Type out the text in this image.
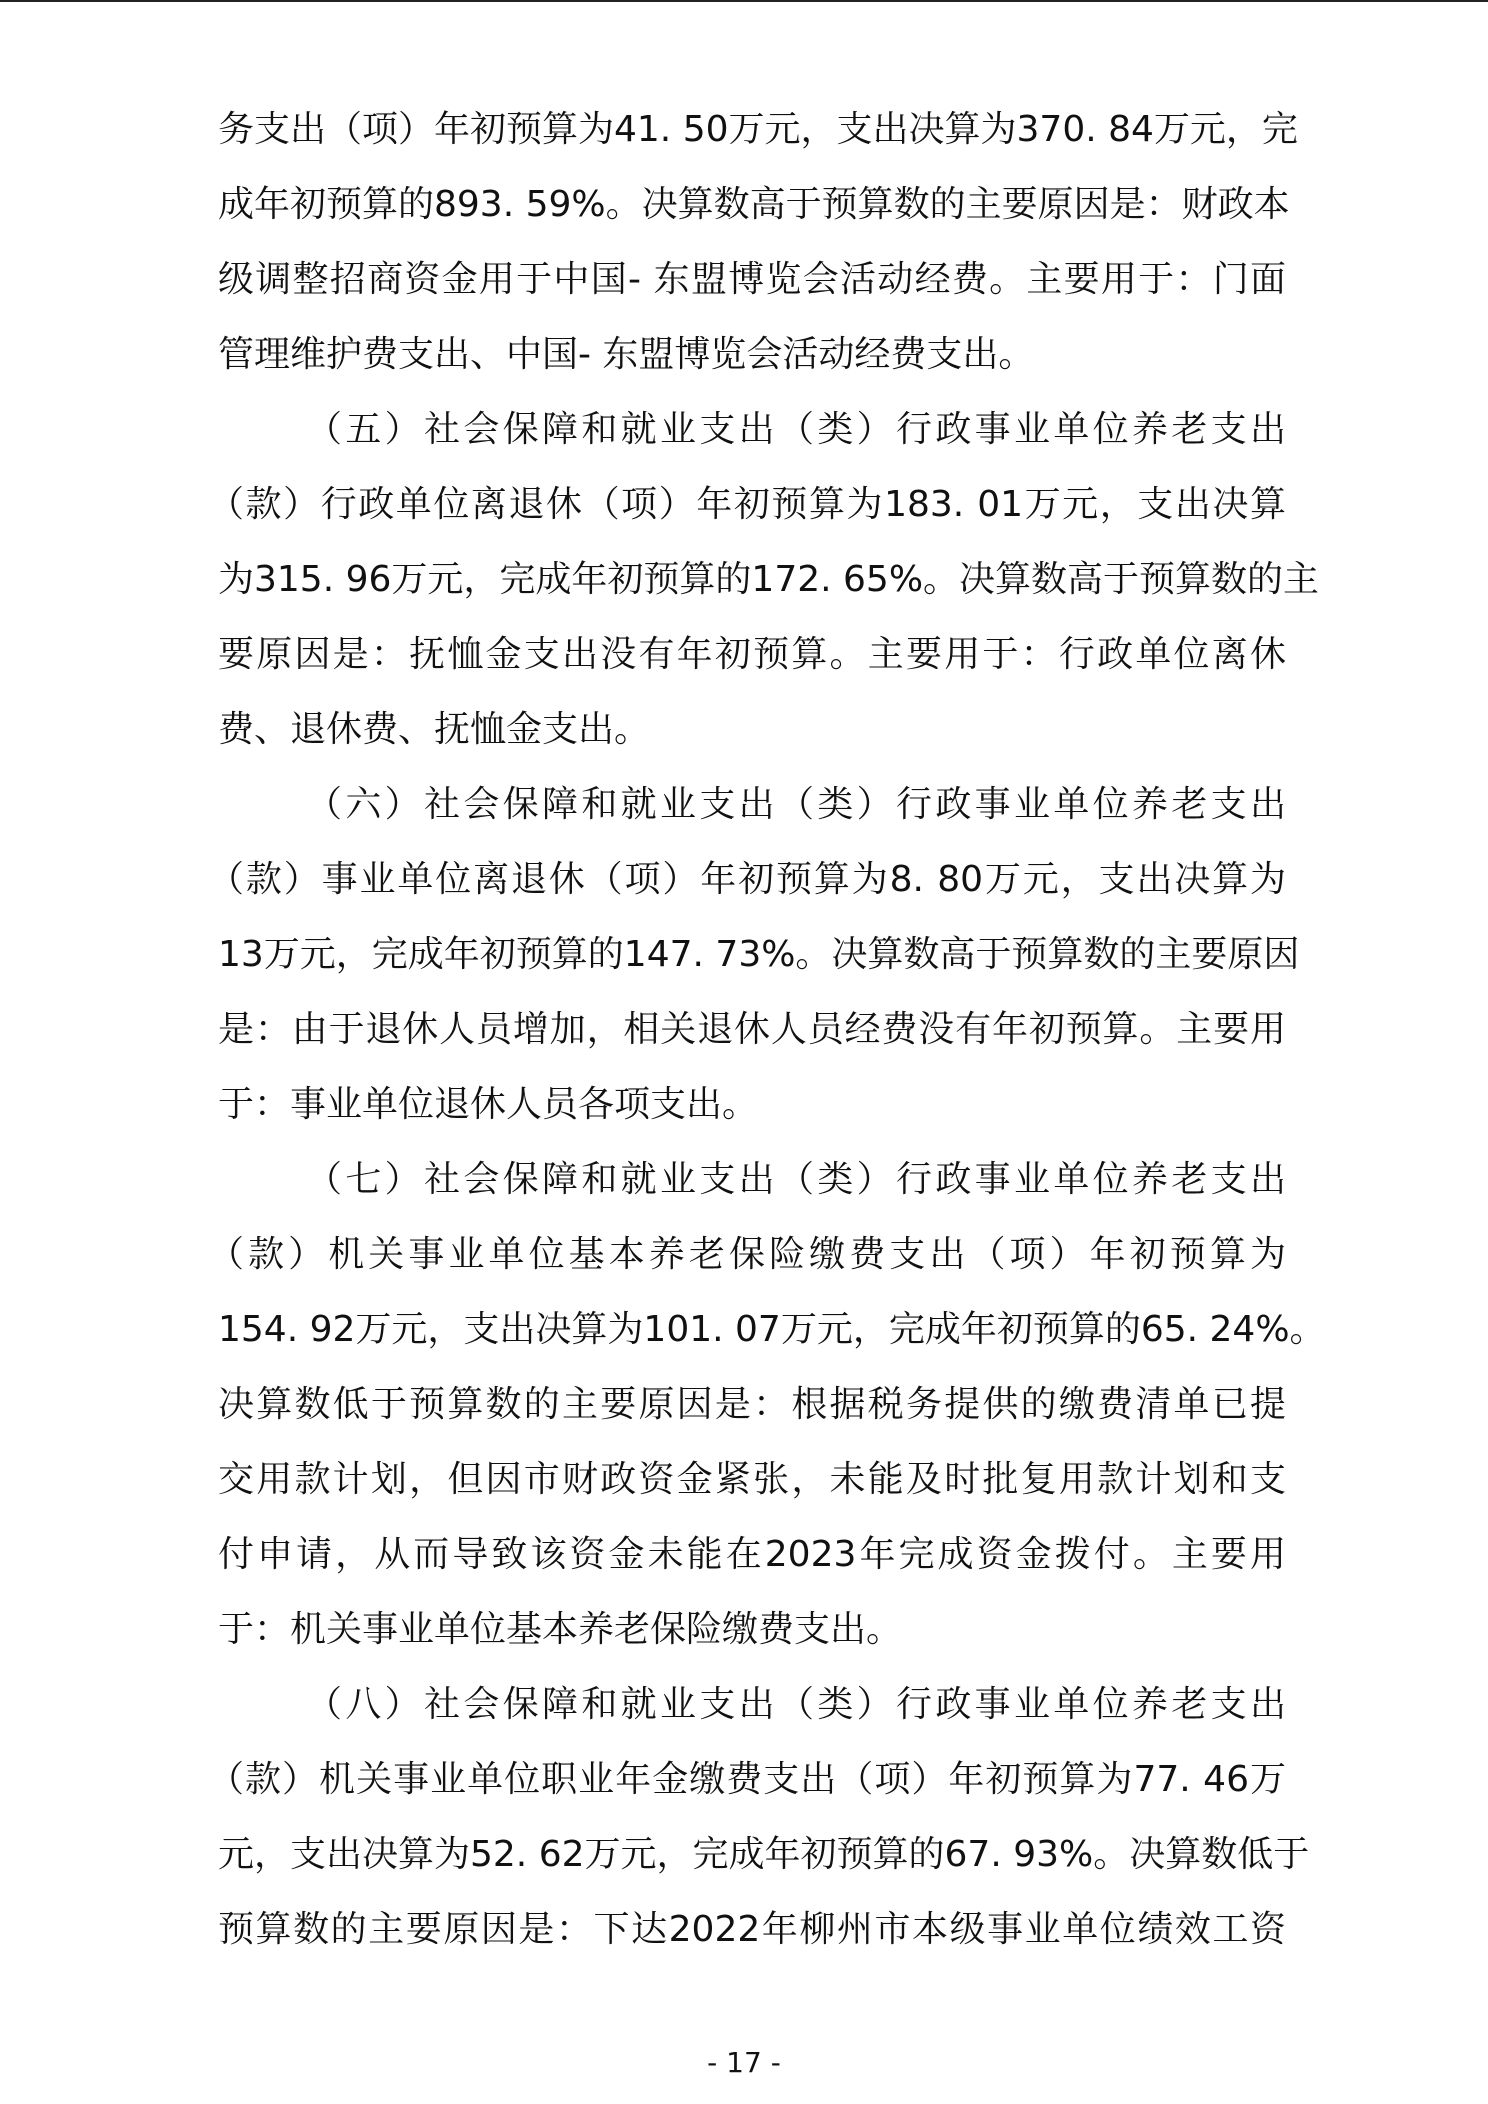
务支出（项）年初预算为41. 50万元，支出决算为370. 84万元，完
成年初预算的893. 59%。决算数高于预算数的主要原因是：财政本
级调整招商资金用于中国- 东盟博览会活动经费。主要用于：门面
管理维护费支出、中国- 东盟博览会活动经费支出。
（五）社会保障和就业支出（类）行政事业单位养老支出
（款）行政单位离退休（项）年初预算为183. 01万元，支出决算
为315. 96万元，完成年初预算的172. 65%。决算数高于预算数的主
要原因是：抚恤金支出没有年初预算。主要用于：行政单位离休
费、退休费、抚恤金支出。
（六）社会保障和就业支出（类）行政事业单位养老支出
（款）事业单位离退休（项）年初预算为8. 80万元，支出决算为
13万元，完成年初预算的147. 73%。决算数高于预算数的主要原因
是：由于退休人员增加，相关退休人员经费没有年初预算。主要用
于：事业单位退休人员各项支出。
（七）社会保障和就业支出（类）行政事业单位养老支出
（款）机关事业单位基本养老保险缴费支出（项）年初预算为
154. 92万元，支出决算为101. 07万元，完成年初预算的65. 24%。
决算数低于预算数的主要原因是：根据税务提供的缴费清单已提
交用款计划，但因市财政资金紧张，未能及时批复用款计划和支
付申请，从而导致该资金未能在2023年完成资金拨付。主要用
于：机关事业单位基本养老保险缴费支出。
（八）社会保障和就业支出（类）行政事业单位养老支出
（款）机关事业单位职业年金缴费支出（项）年初预算为77. 46万
元，支出决算为52. 62万元，完成年初预算的67. 93%。决算数低于
预算数的主要原因是：下达2022年柳州市本级事业单位绩效工资
- 17 -
